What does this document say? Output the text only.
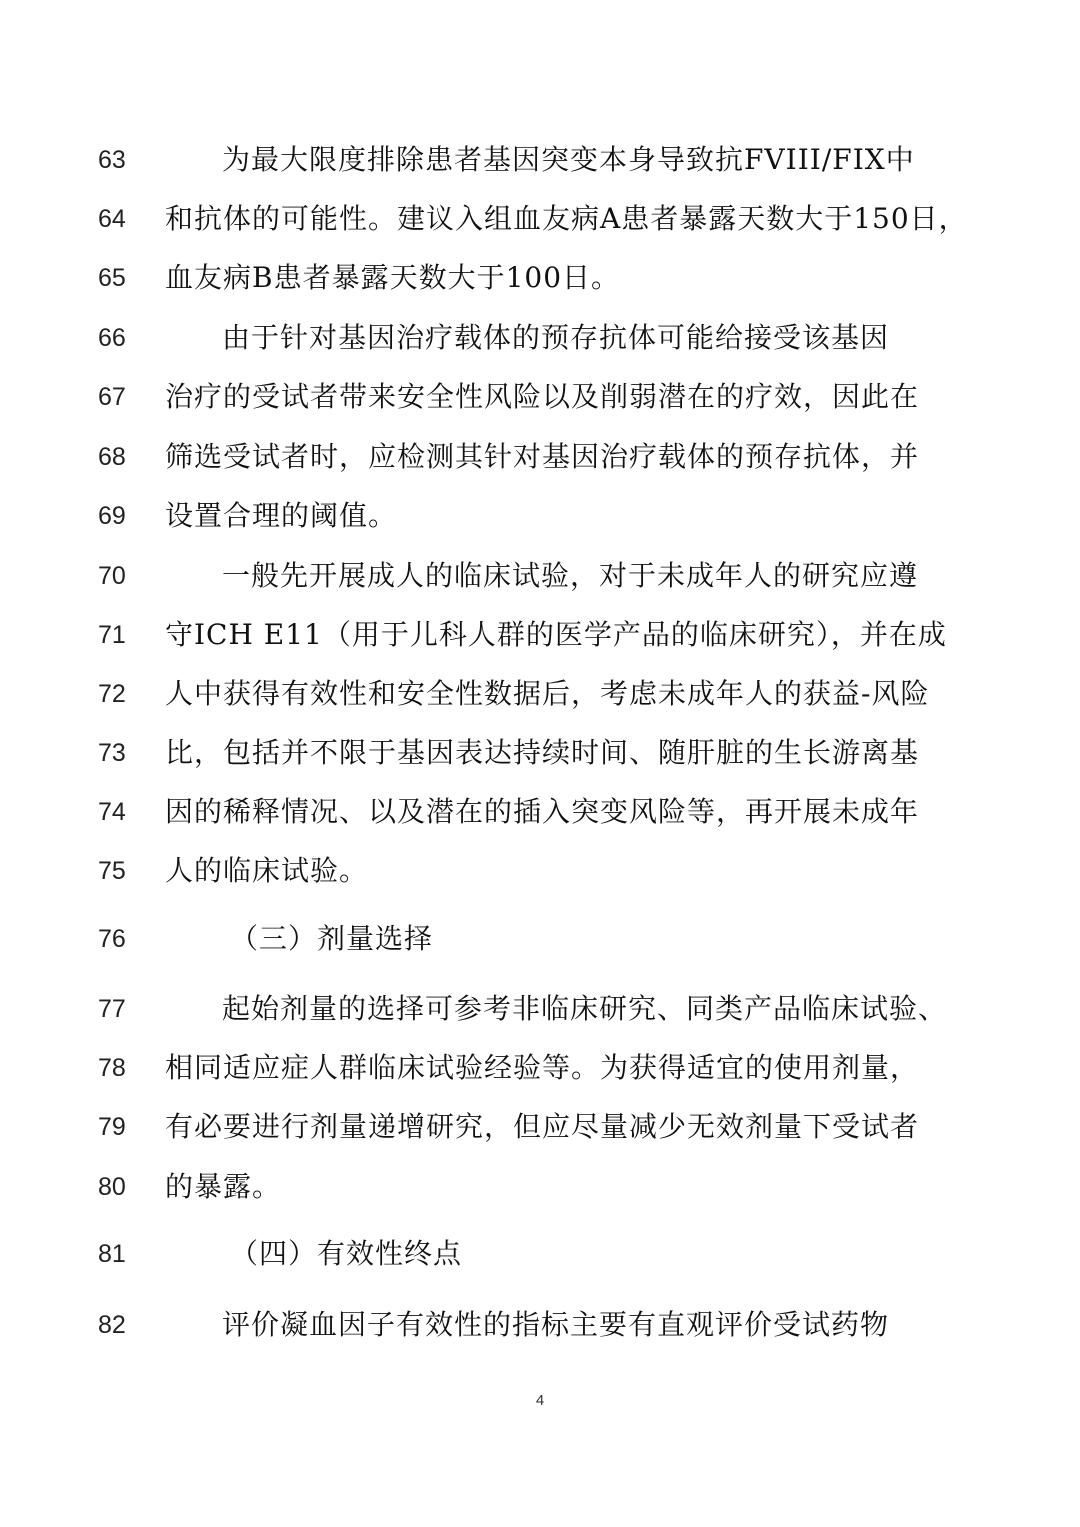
63	为最大限度排除患者基因突变本身导致抗FVIII/FIX中
64	和抗体的可能性。建议入组血友病A患者暴露天数大于150日，
65	血友病B患者暴露天数大于100日。
66	由于针对基因治疗载体的预存抗体可能给接受该基因
67	治疗的受试者带来安全性风险以及削弱潜在的疗效，因此在
68	筛选受试者时，应检测其针对基因治疗载体的预存抗体，并
69	设置合理的阈值。
70	一般先开展成人的临床试验，对于未成年人的研究应遵
71	守ICH E11（用于儿科人群的医学产品的临床研究），并在成
72	人中获得有效性和安全性数据后，考虑未成年人的获益-风险
73	比，包括并不限于基因表达持续时间、随肝脏的生长游离基
74	因的稀释情况、以及潜在的插入突变风险等，再开展未成年
75	人的临床试验。
76	（三）剂量选择
77	起始剂量的选择可参考非临床研究、同类产品临床试验、
78	相同适应症人群临床试验经验等。为获得适宜的使用剂量，
79	有必要进行剂量递增研究，但应尽量减少无效剂量下受试者
80	的暴露。
81	（四）有效性终点
82	评价凝血因子有效性的指标主要有直观评价受试药物
4
